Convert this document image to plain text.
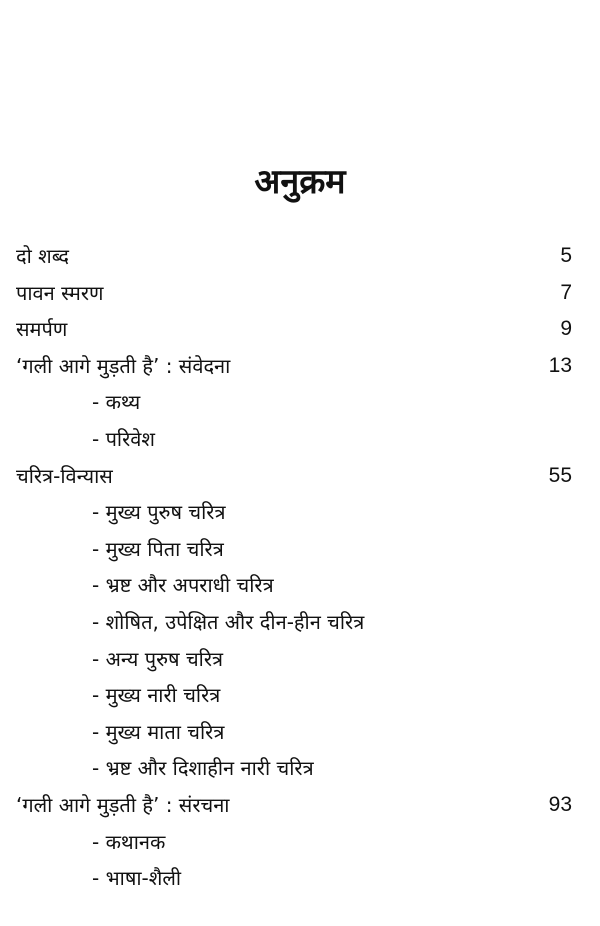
अनुक्रम
दो शब्द	5
पावन स्मरण	7
समर्पण	9
‘गली आगे मुड़ती है’ : संवेदना	13
- कथ्य
- परिवेश
चरित्र-विन्यास	55
- मुख्य पुरुष चरित्र
- मुख्य पिता चरित्र
- भ्रष्ट और अपराधी चरित्र
- शोषित, उपेक्षित और दीन-हीन चरित्र
- अन्य पुरुष चरित्र
- मुख्य नारी चरित्र
- मुख्य माता चरित्र
- भ्रष्ट और दिशाहीन नारी चरित्र
‘गली आगे मुड़ती है’ : संरचना	93
- कथानक
- भाषा-शैली
